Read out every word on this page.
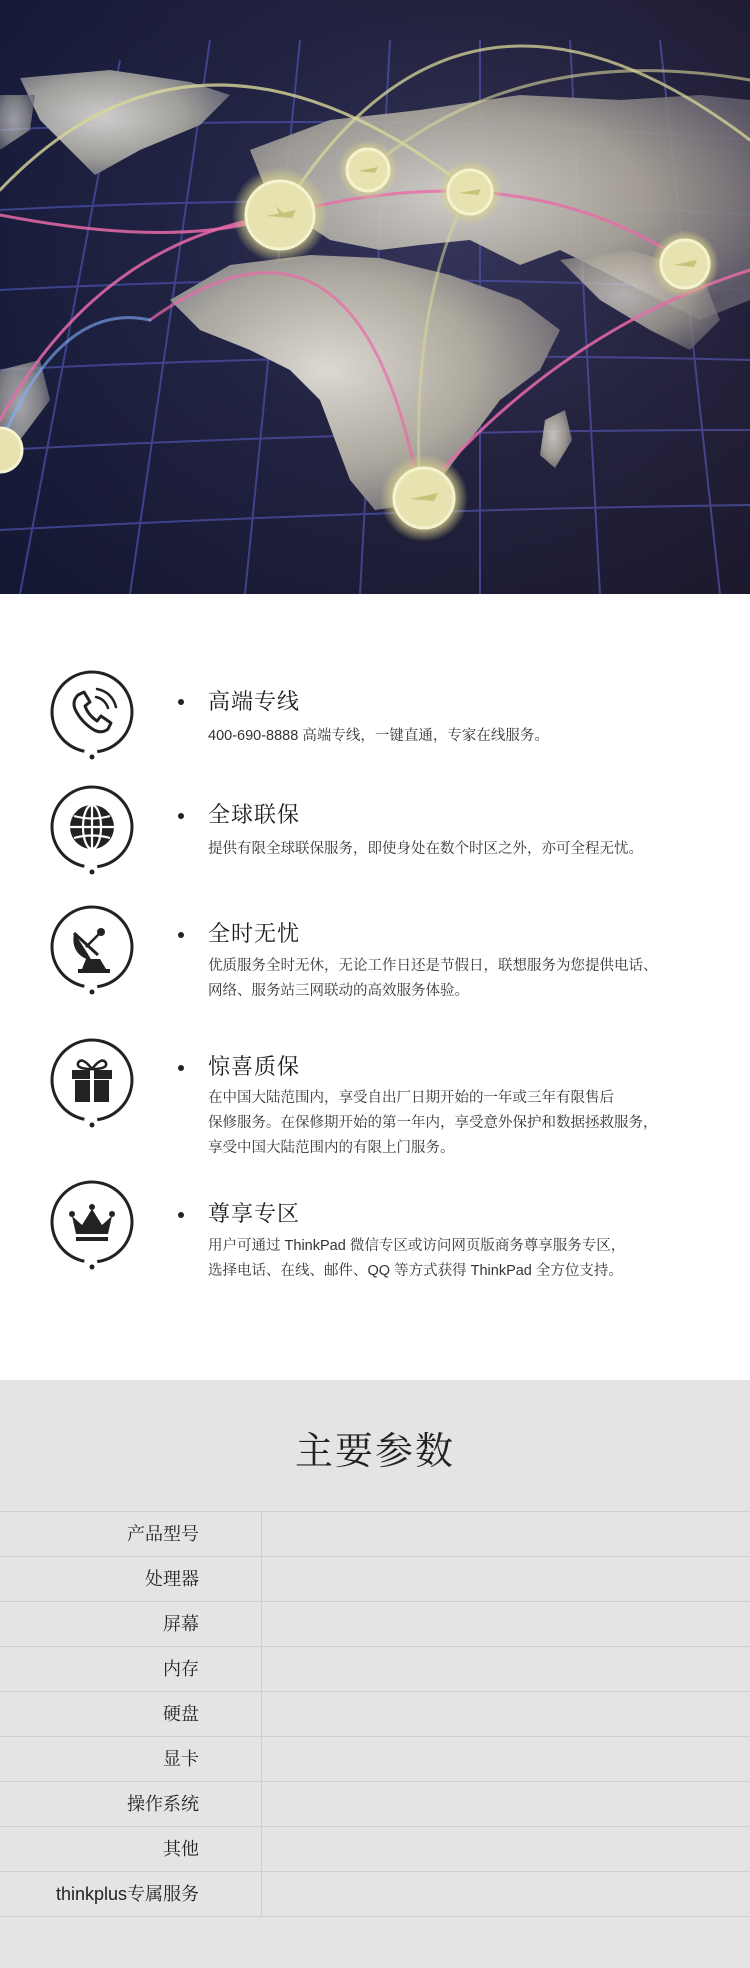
高端专线
400-690-8888 高端专线，一键直通，专家在线服务。
全球联保
提供有限全球联保服务，即使身处在数个时区之外，亦可全程无忧。
全时无忧
优质服务全时无休，无论工作日还是节假日，联想服务为您提供电话、
网络、服务站三网联动的高效服务体验。
惊喜质保
在中国大陆范围内，享受自出厂日期开始的一年或三年有限售后
保修服务。在保修期开始的第一年内，享受意外保护和数据拯救服务，
享受中国大陆范围内的有限上门服务。
尊享专区
用户可通过 ThinkPad 微信专区或访问网页版商务尊享服务专区，
选择电话、在线、邮件、QQ 等方式获得 ThinkPad 全方位支持。
主要参数
产品型号
处理器
屏幕
内存
硬盘
显卡
操作系统
其他
thinkplus专属服务
